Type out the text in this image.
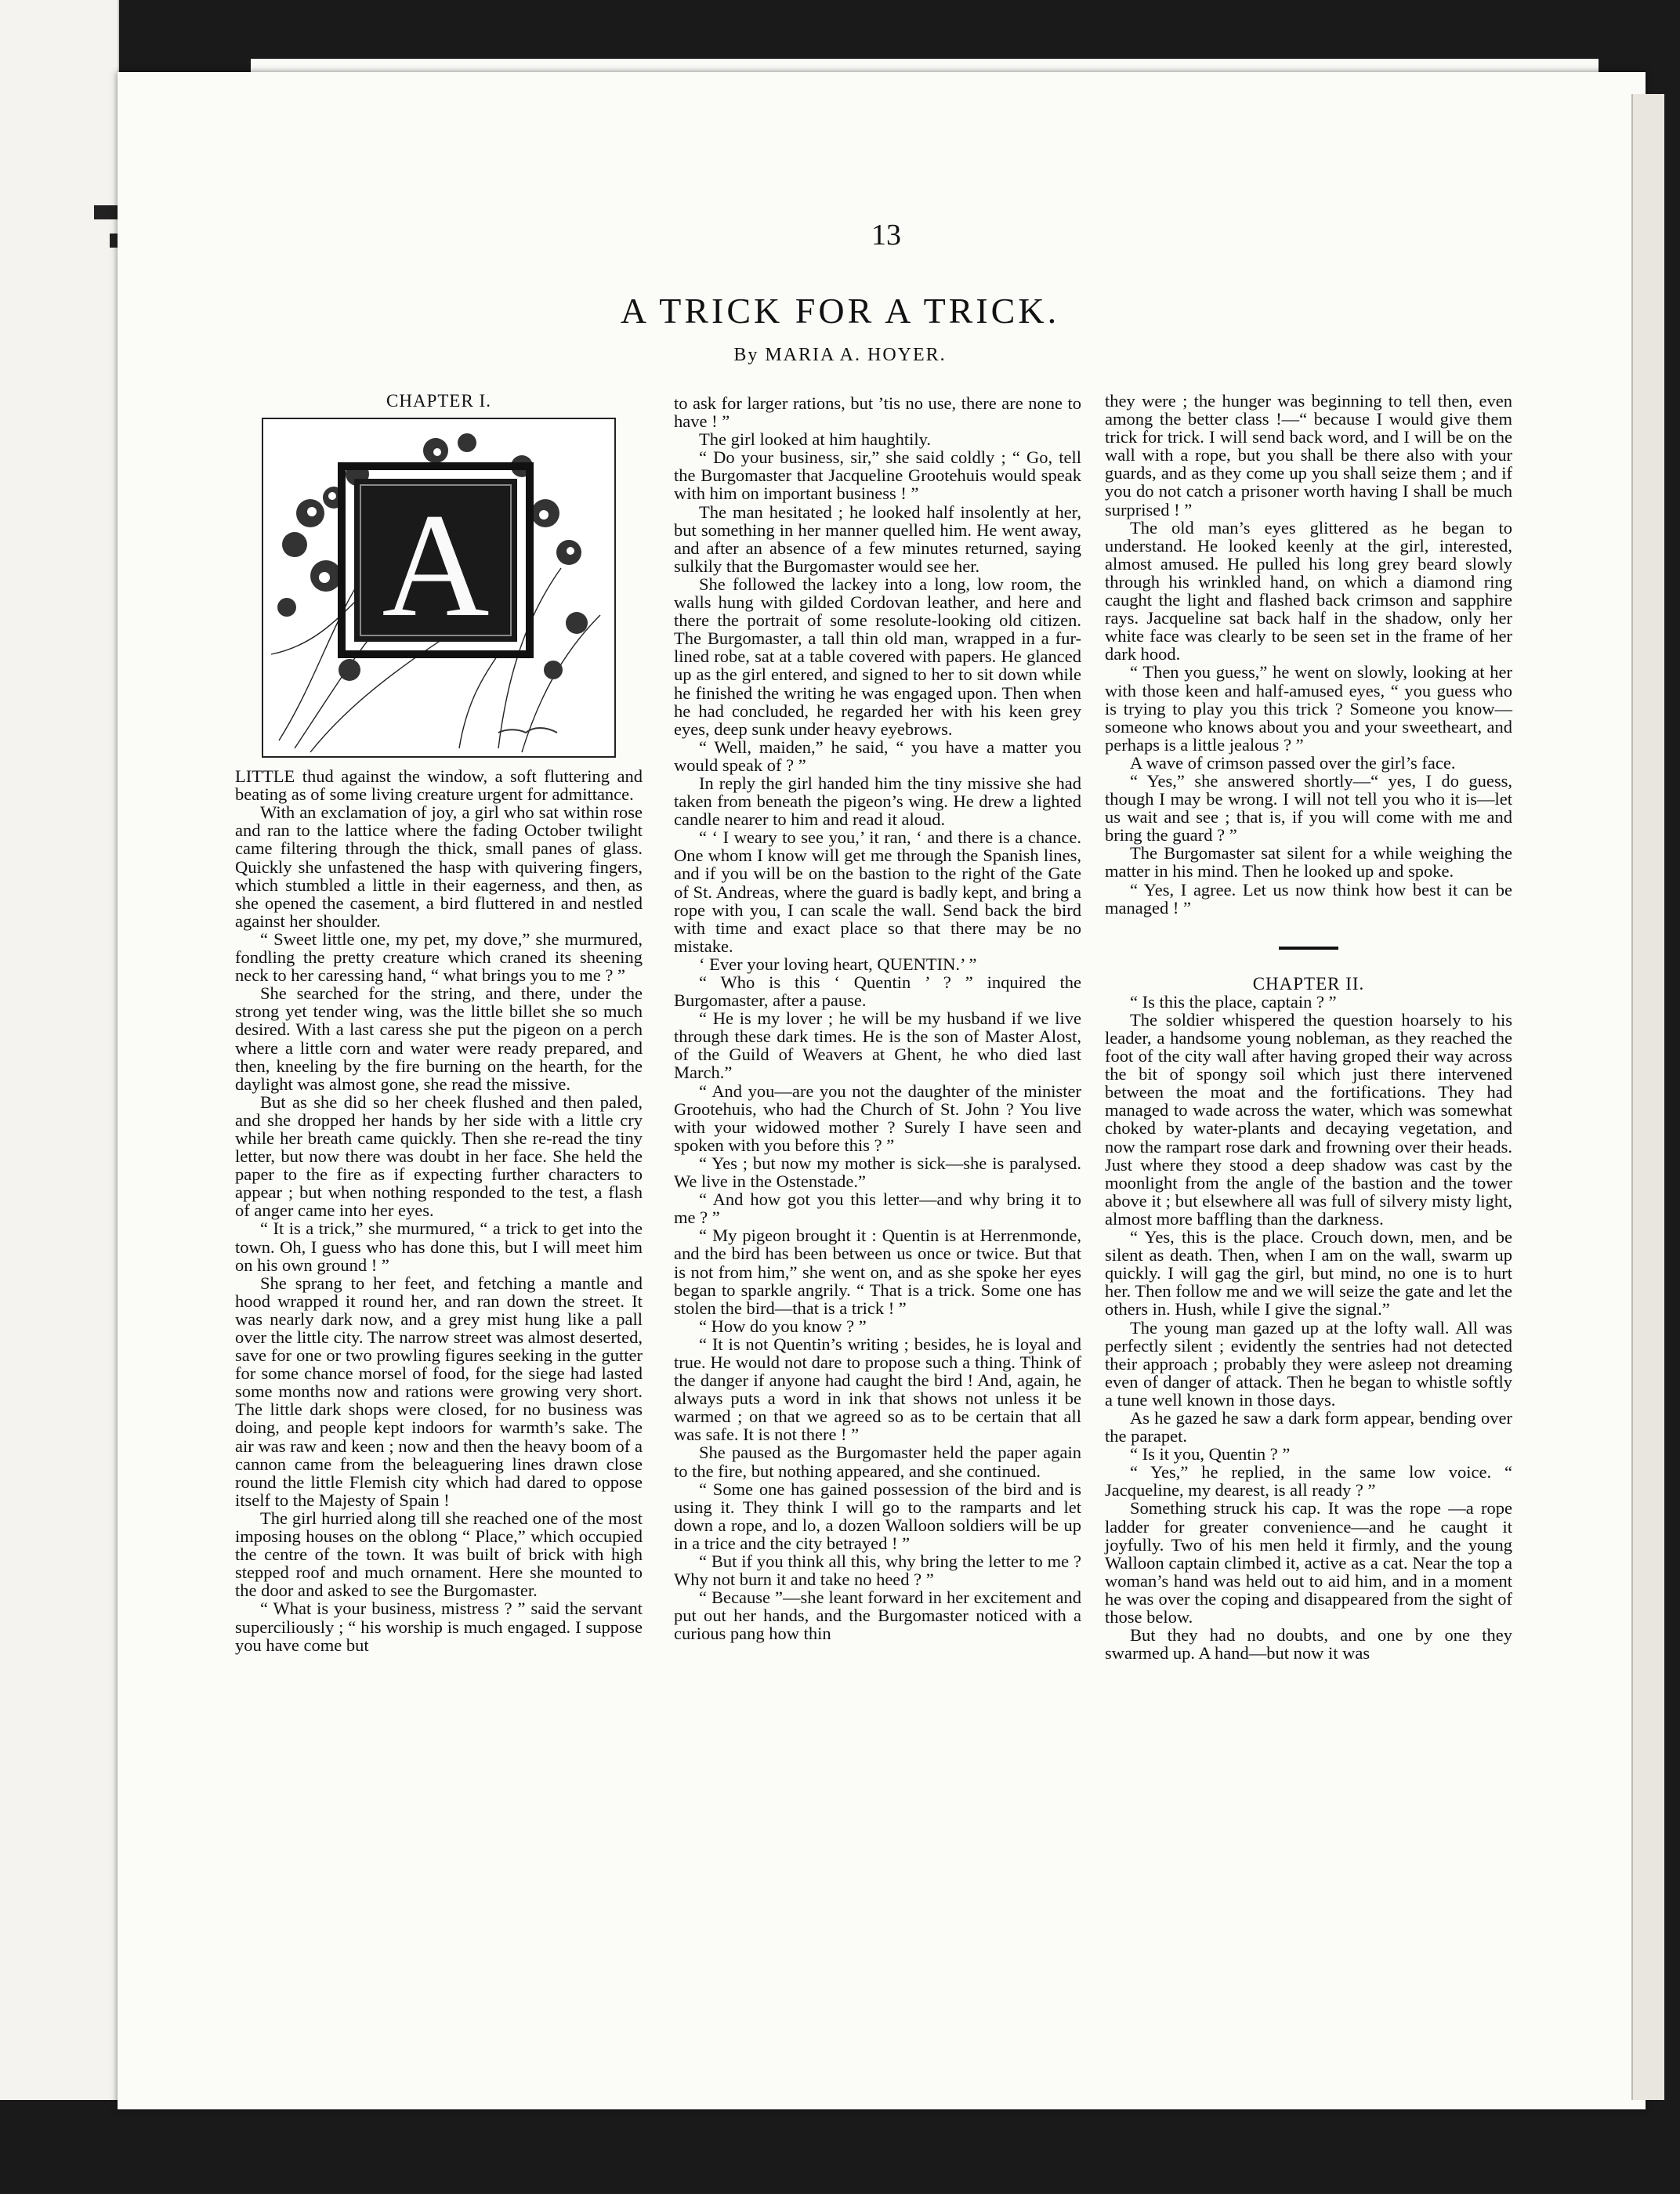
13
A TRICK FOR A TRICK.
By MARIA A. HOYER.

CHAPTER I.

A

LITTLE thud against the window, a soft fluttering and beating as of some living creature urgent for admittance.

With an exclamation of joy, a girl who sat within rose and ran to the lattice where the fading October twilight came filtering through the thick, small panes of glass. Quickly she unfastened the hasp with quivering fingers, which stumbled a little in their eagerness, and then, as she opened the casement, a bird fluttered in and nestled against her shoulder.

“ Sweet little one, my pet, my dove,” she murmured, fondling the pretty creature which craned its sheening neck to her caressing hand, “ what brings you to me ? ”

She searched for the string, and there, under the strong yet tender wing, was the little billet she so much desired. With a last caress she put the pigeon on a perch where a little corn and water were ready prepared, and then, kneeling by the fire burning on the hearth, for the daylight was almost gone, she read the missive.

But as she did so her cheek flushed and then paled, and she dropped her hands by her side with a little cry while her breath came quickly. Then she re-read the tiny letter, but now there was doubt in her face. She held the paper to the fire as if expecting further characters to appear ; but when nothing responded to the test, a flash of anger came into her eyes.

“ It is a trick,” she murmured, “ a trick to get into the town. Oh, I guess who has done this, but I will meet him on his own ground ! ”

She sprang to her feet, and fetching a mantle and hood wrapped it round her, and ran down the street. It was nearly dark now, and a grey mist hung like a pall over the little city. The narrow street was almost deserted, save for one or two prowling figures seeking in the gutter for some chance morsel of food, for the siege had lasted some months now and rations were growing very short. The little dark shops were closed, for no business was doing, and people kept indoors for warmth’s sake. The air was raw and keen ; now and then the heavy boom of a cannon came from the beleaguering lines drawn close round the little Flemish city which had dared to oppose itself to the Majesty of Spain !

The girl hurried along till she reached one of the most imposing houses on the oblong “ Place,” which occupied the centre of the town. It was built of brick with high stepped roof and much ornament. Here she mounted to the door and asked to see the Burgomaster.

“ What is your business, mistress ? ” said the servant superciliously ; “ his worship is much engaged. I suppose you have come but

to ask for larger rations, but ’tis no use, there are none to have ! ”

The girl looked at him haughtily.

“ Do your business, sir,” she said coldly ; “ Go, tell the Burgomaster that Jacqueline Grootehuis would speak with him on important business ! ”

The man hesitated ; he looked half insolently at her, but something in her manner quelled him. He went away, and after an absence of a few minutes returned, saying sulkily that the Burgomaster would see her.

She followed the lackey into a long, low room, the walls hung with gilded Cordovan leather, and here and there the portrait of some resolute-looking old citizen. The Burgomaster, a tall thin old man, wrapped in a fur-lined robe, sat at a table covered with papers. He glanced up as the girl entered, and signed to her to sit down while he finished the writing he was engaged upon. Then when he had concluded, he regarded her with his keen grey eyes, deep sunk under heavy eyebrows.

“ Well, maiden,” he said, “ you have a matter you would speak of ? ”

In reply the girl handed him the tiny missive she had taken from beneath the pigeon’s wing. He drew a lighted candle nearer to him and read it aloud.

“ ‘ I weary to see you,’ it ran, ‘ and there is a chance. One whom I know will get me through the Spanish lines, and if you will be on the bastion to the right of the Gate of St. Andreas, where the guard is badly kept, and bring a rope with you, I can scale the wall. Send back the bird with time and exact place so that there may be no mistake.

‘ Ever your loving heart, QUENTIN.’ ”

“ Who is this ‘ Quentin ’ ? ” inquired the Burgomaster, after a pause.

“ He is my lover ; he will be my husband if we live through these dark times. He is the son of Master Alost, of the Guild of Weavers at Ghent, he who died last March.”

“ And you—are you not the daughter of the minister Grootehuis, who had the Church of St. John ? You live with your widowed mother ? Surely I have seen and spoken with you before this ? ”

“ Yes ; but now my mother is sick—she is paralysed. We live in the Ostenstade.”

“ And how got you this letter—and why bring it to me ? ”

“ My pigeon brought it : Quentin is at Herrenmonde, and the bird has been between us once or twice. But that is not from him,” she went on, and as she spoke her eyes began to sparkle angrily. “ That is a trick. Some one has stolen the bird—that is a trick ! ”

“ How do you know ? ”

“ It is not Quentin’s writing ; besides, he is loyal and true. He would not dare to propose such a thing. Think of the danger if anyone had caught the bird ! And, again, he always puts a word in ink that shows not unless it be warmed ; on that we agreed so as to be certain that all was safe. It is not there ! ”

She paused as the Burgomaster held the paper again to the fire, but nothing appeared, and she continued.

“ Some one has gained possession of the bird and is using it. They think I will go to the ramparts and let down a rope, and lo, a dozen Walloon soldiers will be up in a trice and the city betrayed ! ”

“ But if you think all this, why bring the letter to me ? Why not burn it and take no heed ? ”

“ Because ”—she leant forward in her excitement and put out her hands, and the Burgomaster noticed with a curious pang how thin

they were ; the hunger was beginning to tell then, even among the better class !—“ because I would give them trick for trick. I will send back word, and I will be on the wall with a rope, but you shall be there also with your guards, and as they come up you shall seize them ; and if you do not catch a prisoner worth having I shall be much surprised ! ”

The old man’s eyes glittered as he began to understand. He looked keenly at the girl, interested, almost amused. He pulled his long grey beard slowly through his wrinkled hand, on which a diamond ring caught the light and flashed back crimson and sapphire rays. Jacqueline sat back half in the shadow, only her white face was clearly to be seen set in the frame of her dark hood.

“ Then you guess,” he went on slowly, looking at her with those keen and half-amused eyes, “ you guess who is trying to play you this trick ? Someone you know—someone who knows about you and your sweetheart, and perhaps is a little jealous ? ”

A wave of crimson passed over the girl’s face.

“ Yes,” she answered shortly—“ yes, I do guess, though I may be wrong. I will not tell you who it is—let us wait and see ; that is, if you will come with me and bring the guard ? ”

The Burgomaster sat silent for a while weighing the matter in his mind. Then he looked up and spoke.

“ Yes, I agree. Let us now think how best it can be managed ! ”

CHAPTER II.

“ Is this the place, captain ? ”

The soldier whispered the question hoarsely to his leader, a handsome young nobleman, as they reached the foot of the city wall after having groped their way across the bit of spongy soil which just there intervened between the moat and the fortifications. They had managed to wade across the water, which was somewhat choked by water-plants and decaying vegetation, and now the rampart rose dark and frowning over their heads. Just where they stood a deep shadow was cast by the moonlight from the angle of the bastion and the tower above it ; but elsewhere all was full of silvery misty light, almost more baffling than the darkness.

“ Yes, this is the place. Crouch down, men, and be silent as death. Then, when I am on the wall, swarm up quickly. I will gag the girl, but mind, no one is to hurt her. Then follow me and we will seize the gate and let the others in. Hush, while I give the signal.”

The young man gazed up at the lofty wall. All was perfectly silent ; evidently the sentries had not detected their approach ; probably they were asleep not dreaming even of danger of attack. Then he began to whistle softly a tune well known in those days.

As he gazed he saw a dark form appear, bending over the parapet.

“ Is it you, Quentin ? ”

“ Yes,” he replied, in the same low voice. “ Jacqueline, my dearest, is all ready ? ”

Something struck his cap. It was the rope —a rope ladder for greater convenience—and he caught it joyfully. Two of his men held it firmly, and the young Walloon captain climbed it, active as a cat. Near the top a woman’s hand was held out to aid him, and in a moment he was over the coping and disappeared from the sight of those below.

But they had no doubts, and one by one they swarmed up. A hand—but now it was
